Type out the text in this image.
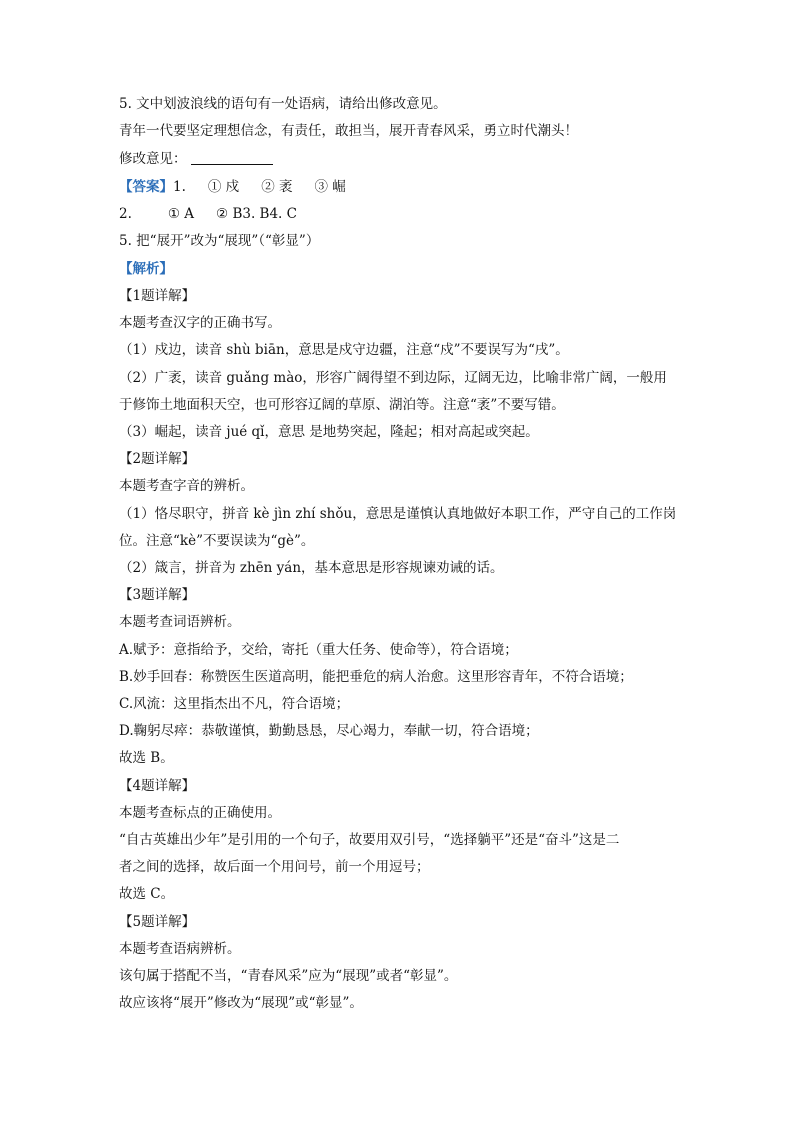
5. 文中划波浪线的语句有一处语病，请给出修改意见。
青年一代要坚定理想信念，有责任，敢担当，展开青春风采，勇立时代潮头！
修改意见：
【答案】1. ① 戍 ② 袤 ③ 崛
2.	① A ② B3. B4. C
5. 把“展开”改为“展现”（“彰显”）
【解析】
【1题详解】
本题考查汉字的正确书写。
（1）戍边，读音 shù biān，意思是戍守边疆，注意“戍”不要误写为“戌”。
（2）广袤，读音 guǎng mào，形容广阔得望不到边际，辽阔无边，比喻非常广阔，一般用
于修饰土地面积天空，也可形容辽阔的草原、湖泊等。注意“袤”不要写错。
（3）崛起，读音 jué qǐ，意思 是地势突起，隆起；相对高起或突起。
【2题详解】
本题考查字音的辨析。
（1）恪尽职守，拼音 kè jìn zhí shǒu，意思是谨慎认真地做好本职工作，严守自己的工作岗
位。注意“kè”不要误读为“gè”。
（2）箴言，拼音为 zhēn yán，基本意思是形容规谏劝诫的话。
【3题详解】
本题考查词语辨析。
A.赋予：意指给予，交给，寄托（重大任务、使命等），符合语境；
B.妙手回春：称赞医生医道高明，能把垂危的病人治愈。这里形容青年，不符合语境；
C.风流：这里指杰出不凡，符合语境；
D.鞠躬尽瘁：恭敬谨慎，勤勤恳恳，尽心竭力，奉献一切，符合语境；
故选 B。
【4题详解】
本题考查标点的正确使用。
“自古英雄出少年”是引用的一个句子，故要用双引号，“选择躺平”还是“奋斗”这是二
者之间的选择，故后面一个用问号，前一个用逗号；
故选 C。
【5题详解】
本题考查语病辨析。
该句属于搭配不当，“青春风采”应为“展现”或者“彰显”。
故应该将“展开”修改为“展现”或“彰显”。
